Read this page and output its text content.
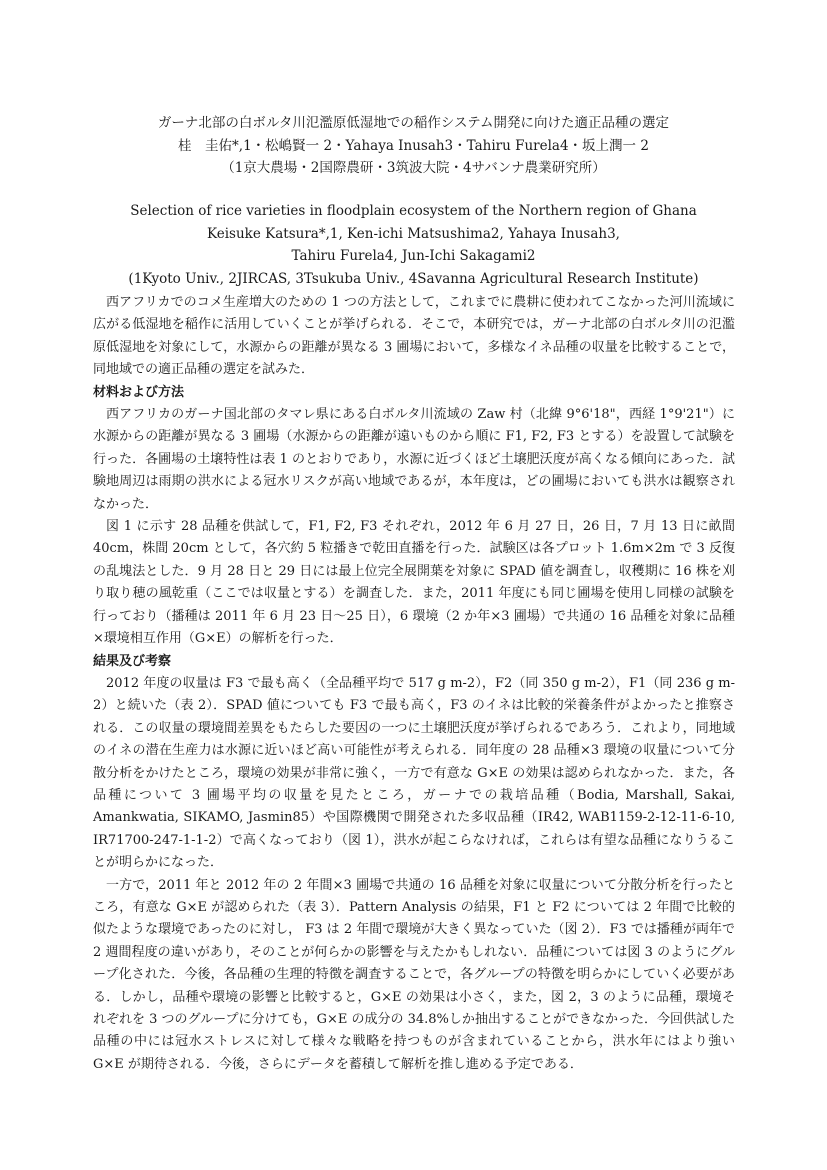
ガーナ北部の白ボルタ川氾濫原低湿地での稲作システム開発に向けた適正品種の選定
桂　圭佑*,1・松嶋賢一 2・Yahaya Inusah3・Tahiru Furela4・坂上潤一 2
（1京大農場・2国際農研・3筑波大院・4サバンナ農業研究所）
Selection of rice varieties in floodplain ecosystem of the Northern region of Ghana
Keisuke Katsura*,1, Ken-ichi Matsushima2, Yahaya Inusah3,
Tahiru Furela4, Jun-Ichi Sakagami2
(1Kyoto Univ., 2JIRCAS, 3Tsukuba Univ., 4Savanna Agricultural Research Institute)

西アフリカでのコメ生産増大のための 1 つの方法として，これまでに農耕に使われてこなかった河川流域に広がる低湿地を稲作に活用していくことが挙げられる．そこで，本研究では，ガーナ北部の白ボルタ川の氾濫原低湿地を対象にして，水源からの距離が異なる 3 圃場において，多様なイネ品種の収量を比較することで，同地域での適正品種の選定を試みた．

材料および方法

西アフリカのガーナ国北部のタマレ県にある白ボルタ川流域の Zaw 村（北緯 9°6'18"，西経 1°9'21"）に水源からの距離が異なる 3 圃場（水源からの距離が遠いものから順に F1, F2, F3 とする）を設置して試験を行った．各圃場の土壌特性は表 1 のとおりであり，水源に近づくほど土壌肥沃度が高くなる傾向にあった．試験地周辺は雨期の洪水による冠水リスクが高い地域であるが，本年度は，どの圃場においても洪水は観察されなかった．

図 1 に示す 28 品種を供試して，F1, F2, F3 それぞれ，2012 年 6 月 27 日，26 日，7 月 13 日に畝間 40cm，株間 20cm として，各穴約 5 粒播きで乾田直播を行った．試験区は各プロット 1.6m×2m で 3 反復の乱塊法とした．9 月 28 日と 29 日には最上位完全展開葉を対象に SPAD 値を調査し，収穫期に 16 株を刈り取り穂の風乾重（ここでは収量とする）を調査した．また，2011 年度にも同じ圃場を使用し同様の試験を行っており（播種は 2011 年 6 月 23 日～25 日），6 環境（2 か年×3 圃場）で共通の 16 品種を対象に品種×環境相互作用（G×E）の解析を行った．

結果及び考察

2012 年度の収量は F3 で最も高く（全品種平均で 517 g m-2），F2（同 350 g m-2），F1（同 236 g m-2）と続いた（表 2）．SPAD 値についても F3 で最も高く，F3 のイネは比較的栄養条件がよかったと推察される．この収量の環境間差異をもたらした要因の一つに土壌肥沃度が挙げられるであろう．これより，同地域のイネの潜在生産力は水源に近いほど高い可能性が考えられる．同年度の 28 品種×3 環境の収量について分散分析をかけたところ，環境の効果が非常に強く，一方で有意な G×E の効果は認められなかった．また，各品種について 3 圃場平均の収量を見たところ，ガーナでの栽培品種（Bodia, Marshall, Sakai, Amankwatia, SIKAMO, Jasmin85）や国際機関で開発された多収品種（IR42, WAB1159-2-12-11-6-10, IR71700-247-1-1-2）で高くなっており（図 1），洪水が起こらなければ，これらは有望な品種になりうることが明らかになった．

一方で，2011 年と 2012 年の 2 年間×3 圃場で共通の 16 品種を対象に収量について分散分析を行ったところ，有意な G×E が認められた（表 3）．Pattern Analysis の結果，F1 と F2 については 2 年間で比較的似たような環境であったのに対し， F3 は 2 年間で環境が大きく異なっていた（図 2）．F3 では播種が両年で 2 週間程度の違いがあり，そのことが何らかの影響を与えたかもしれない．品種については図 3 のようにグループ化された．今後，各品種の生理的特徴を調査することで，各グループの特徴を明らかにしていく必要がある．しかし，品種や環境の影響と比較すると，G×E の効果は小さく，また，図 2，3 のように品種，環境それぞれを 3 つのグループに分けても，G×E の成分の 34.8%しか抽出することができなかった．今回供試した品種の中には冠水ストレスに対して様々な戦略を持つものが含まれていることから，洪水年にはより強い G×E が期待される．今後，さらにデータを蓄積して解析を推し進める予定である．
